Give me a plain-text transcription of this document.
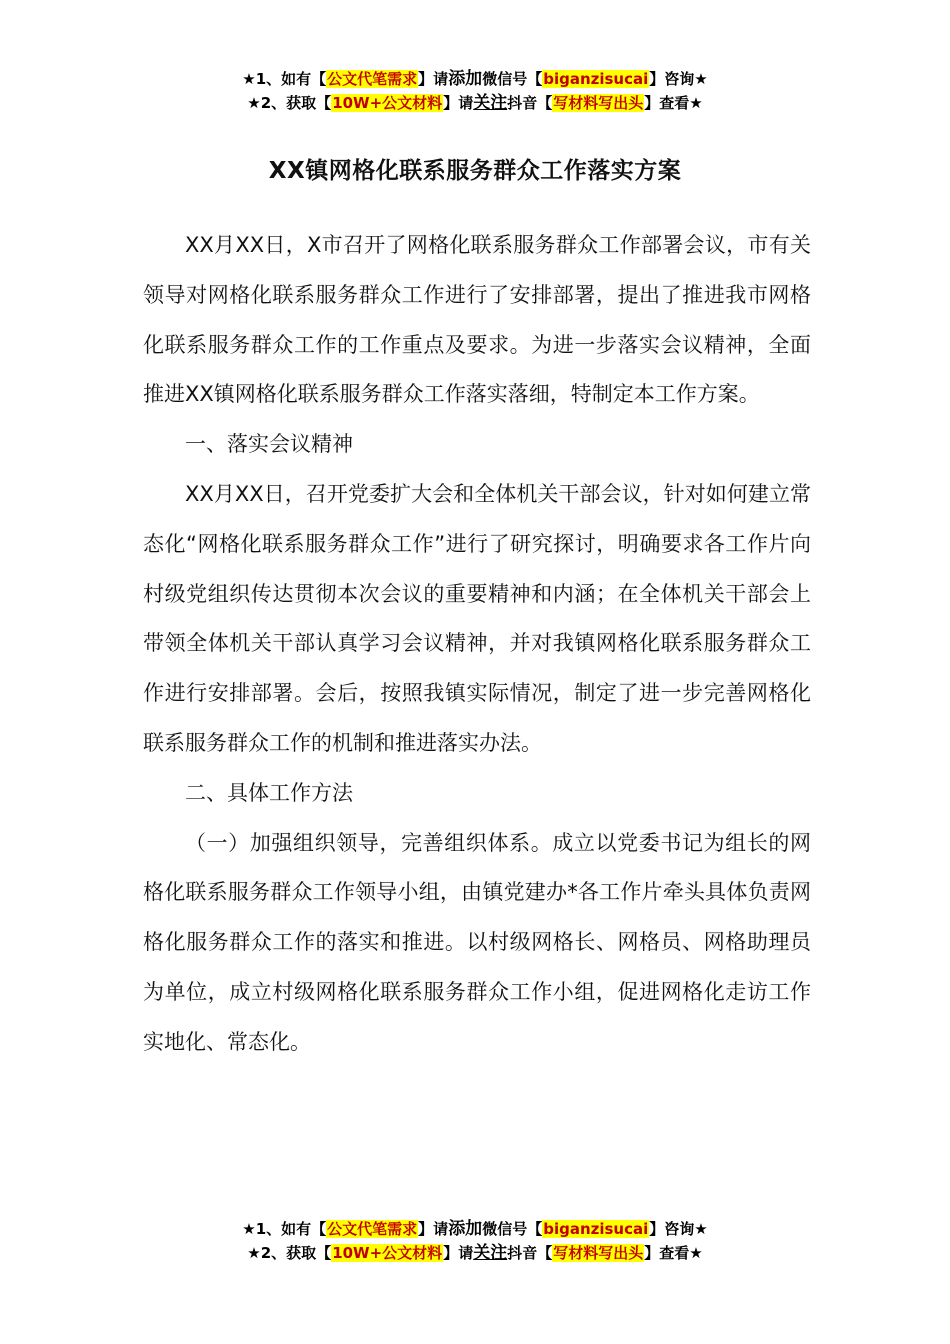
★1、如有【公文代笔需求】请添加微信号【biganzisucai】咨询★
★2、获取【10W+公文材料】请关注抖音【写材料写出头】查看★
XX镇网格化联系服务群众工作落实方案

XX月XX日，X市召开了网格化联系服务群众工作部署会议，市有关领导对网格化联系服务群众工作进行了安排部署，提出了推进我市网格化联系服务群众工作的工作重点及要求。为进一步落实会议精神，全面推进XX镇网格化联系服务群众工作落实落细，特制定本工作方案。

一、落实会议精神

XX月XX日，召开党委扩大会和全体机关干部会议，针对如何建立常态化“网格化联系服务群众工作”进行了研究探讨，明确要求各工作片向村级党组织传达贯彻本次会议的重要精神和内涵；在全体机关干部会上带领全体机关干部认真学习会议精神，并对我镇网格化联系服务群众工作进行安排部署。会后，按照我镇实际情况，制定了进一步完善网格化联系服务群众工作的机制和推进落实办法。

二、具体工作方法

（一）加强组织领导，完善组织体系。成立以党委书记为组长的网格化联系服务群众工作领导小组，由镇党建办*各工作片牵头具体负责网格化服务群众工作的落实和推进。以村级网格长、网格员、网格助理员为单位，成立村级网格化联系服务群众工作小组，促进网格化走访工作实地化、常态化。

★1、如有【公文代笔需求】请添加微信号【biganzisucai】咨询★
★2、获取【10W+公文材料】请关注抖音【写材料写出头】查看★
